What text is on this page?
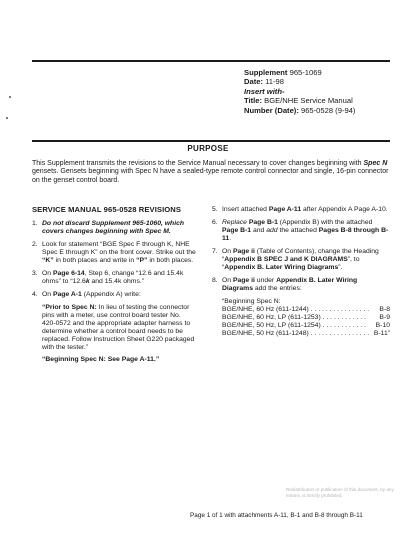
Supplement 965-1069
Date: 11-98
Insert with-
Title: BGE/NHE Service Manual
Number (Date): 965-0528 (9-94)
PURPOSE
This Supplement transmits the revisions to the Service Manual necessary to cover changes beginning with Spec N gensets. Gensets beginning with Spec N have a sealed-type remote control connector and single, 16-pin connector on the genset control board.
SERVICE MANUAL 965-0528 REVISIONS
1. Do not discard Supplement 965-1060, which covers changes beginning with Spec M.
2. Look for statement “BGE Spec F through K, NHE Spec E through K” on the front cover. Strike out the “K” in both places and write in “P” in both places.
3. On Page 6-14, Step 6, change “12.6 and 15.4k ohms” to “12.6k and 15.4k ohms.”
4. On Page A-1 (Appendix A) write:
“Prior to Spec N: In lieu of testing the connector pins with a meter, use control board tester No. 420-0572 and the appropriate adapter harness to determine whether a control board needs to be replaced. Follow Instruction Sheet G220 packaged with the tester.”
“Beginning Spec N: See Page A-11.”
5. Insert attached Page A-11 after Appendix A Page A-10.
6. Replace Page B-1 (Appendix B) with the attached Page B-1 and add the attached Pages B-8 through B-11.
7. On Page ii (Table of Contents), change the Heading “Appendix B SPEC J and K DIAGRAMS”, to “Appendix B. Later Wiring Diagrams”.
8. On Page ii under Appendix B. Later Wiring Diagrams add the entries:
“Beginning Spec N:
BGE/NHE, 60 Hz (611-1244) . . . . . . . . . . . . . . . .	B-8
BGE/NHE, 60 Hz, LP (611-1253) . . . . . . . . . . . .	B-9
BGE/NHE, 50 Hz, LP (611-1254) . . . . . . . . . . . .	B-10
BGE/NHE, 50 Hz (611-1248) . . . . . . . . . . . . . . . . B-11”
Redistribution or publication of this document, by any means, is strictly prohibited.
Page 1 of 1 with attachments A-11, B-1 and B-8 through B-11
